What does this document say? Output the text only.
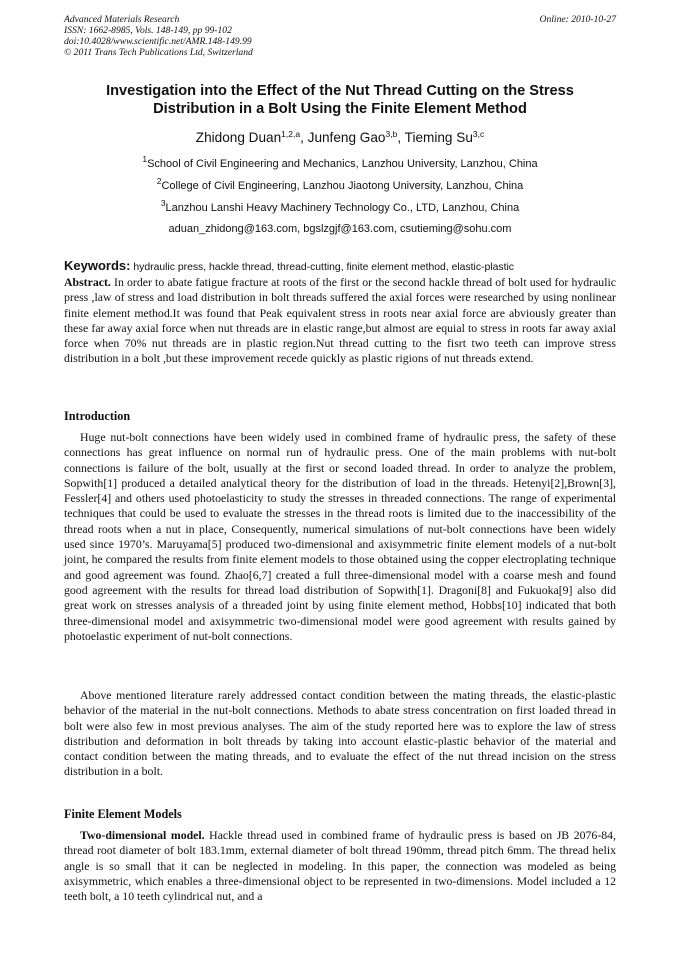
Advanced Materials Research
ISSN: 1662-8985, Vols. 148-149, pp 99-102
doi:10.4028/www.scientific.net/AMR.148-149.99
© 2011 Trans Tech Publications Ltd, Switzerland
Online: 2010-10-27
Investigation into the Effect of the Nut Thread Cutting on the Stress
Distribution in a Bolt Using the Finite Element Method
Zhidong Duan$^{1,2,a}$, Junfeng Gao$^{3,b}$, Tieming Su$^{3,c}$
$^1$School of Civil Engineering and Mechanics, Lanzhou University, Lanzhou, China
$^2$College of Civil Engineering, Lanzhou Jiaotong University, Lanzhou, China
$^3$Lanzhou Lanshi Heavy Machinery Technology Co., LTD, Lanzhou, China
aduan_zhidong@163.com, bgslzgjf@163.com, csutieming@sohu.com
Keywords: hydraulic press, hackle thread, thread-cutting, finite element method, elastic-plastic
Abstract. In order to abate fatigue fracture at roots of the first or the second hackle thread of bolt used for hydraulic press ,law of stress and load distribution in bolt threads suffered the axial forces were researched by using nonlinear finite element method.It was found that Peak equivalent stress in roots near axial force are abviously greater than these far away axial force when nut threads are in elastic range,but almost are equial to stress in roots far away axial force when 70% nut threads are in plastic region.Nut thread cutting to the fisrt two teeth can improve stress distribution in a bolt ,but these improvement recede quickly as plastic rigions of nut threads extend.
Introduction
Huge nut-bolt connections have been widely used in combined frame of hydraulic press, the safety of these connections has great influence on normal run of hydraulic press. One of the main problems with nut-bolt connections is failure of the bolt, usually at the first or second loaded thread. In order to analyze the problem, Sopwith[1] produced a detailed analytical theory for the distribution of load in the threads. Hetenyi[2],Brown[3], Fessler[4] and others used photoelasticity to study the stresses in threaded connections. The range of experimental techniques that could be used to evaluate the stresses in the thread roots is limited due to the inaccessibility of the thread roots when a nut in place, Consequently, numerical simulations of nut-bolt connections have been widely used since 1970’s. Maruyama[5] produced two-dimensional and axisymmetric finite element models of a nut-bolt joint, he compared the results from finite element models to those obtained using the copper electroplating technique and good agreement was found. Zhao[6,7] created a full three-dimensional model with a coarse mesh and found good agreement with the results for thread load distribution of Sopwith[1]. Dragoni[8] and Fukuoka[9] also did great work on stresses analysis of a threaded joint by using finite element method, Hobbs[10] indicated that both three-dimensional model and axisymmetric two-dimensional model were good agreement with results gained by photoelastic experiment of nut-bolt connections.
Above mentioned literature rarely addressed contact condition between the mating threads, the elastic-plastic behavior of the material in the nut-bolt connections. Methods to abate stress concentration on first loaded thread in bolt were also few in most previous analyses. The aim of the study reported here was to explore the law of stress distribution and deformation in bolt threads by taking into account elastic-plastic behavior of the material and contact condition between the mating threads, and to evaluate the effect of the nut thread incision on the stress distribution in a bolt.
Finite Element Models
Two-dimensional model. Hackle thread used in combined frame of hydraulic press is based on JB 2076-84, thread root diameter of bolt 183.1mm, external diameter of bolt thread 190mm, thread pitch 6mm. The thread helix angle is so small that it can be neglected in modeling. In this paper, the connection was modeled as being axisymmetric, which enables a three-dimensional object to be represented in two-dimensions. Model included a 12 teeth bolt, a 10 teeth cylindrical nut, and a
